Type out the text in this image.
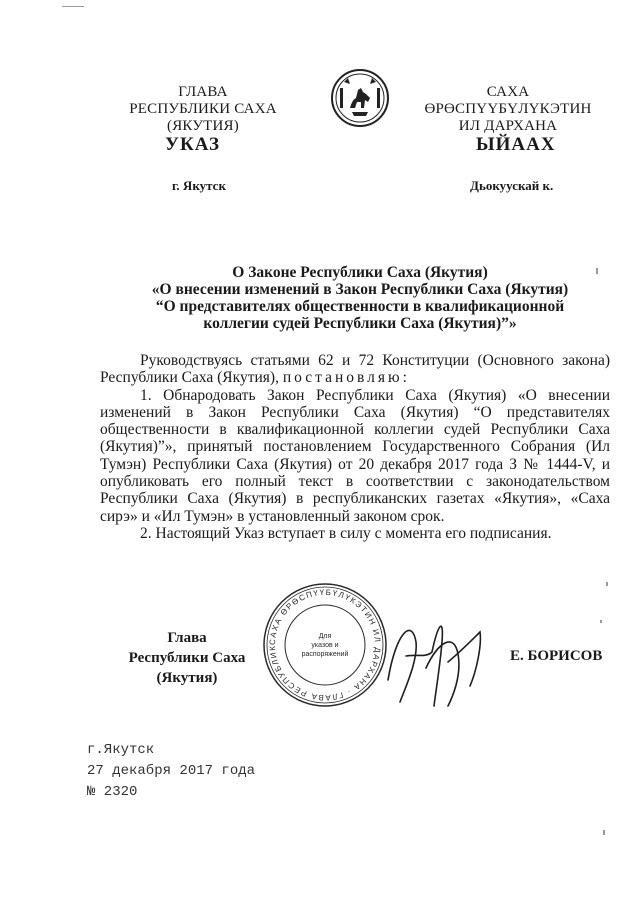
ГЛАВА
РЕСПУБЛИКИ САХА (ЯКУТИЯ)
САХА ӨРӨСПҮҮБҮЛҮКЭТИН
ИЛ ДАРХАНА
УКАЗ	ЫЙААХ
г. Якутск	Дьокуускай к.
О Законе Республики Саха (Якутия)
«О внесении изменений в Закон Республики Саха (Якутия)
“О представителях общественности в квалификационной
коллегии судей Республики Саха (Якутия)”»

Руководствуясь статьями 62 и 72 Конституции (Основного закона) Республики Саха (Якутия), постановляю:

1. Обнародовать Закон Республики Саха (Якутия) «О внесении изменений в Закон Республики Саха (Якутия) “О представителях общественности в квалификационной коллегии судей Республики Саха (Якутия)”», принятый постановлением Государственного Собрания (Ил Тумэн) Республики Саха (Якутия) от 20 декабря 2017 года З № 1444-V, и опубликовать его полный текст в соответствии с законодательством Республики Саха (Якутия) в республиканских газетах «Якутия», «Саха сирэ» и «Ил Тумэн» в установленный законом срок.

2. Настоящий Указ вступает в силу с момента его подписания.

Глава
Республики Саха (Якутия)
САХА ӨРӨСПҮҮБҮЛҮКЭТИН ИЛ ДАРХАНА · ГЛАВА РЕСПУБЛИК
Для
указов и
распоряжений	Е. БОРИСОВ
г.Якутск
27 декабря 2017 года
№ 2320
